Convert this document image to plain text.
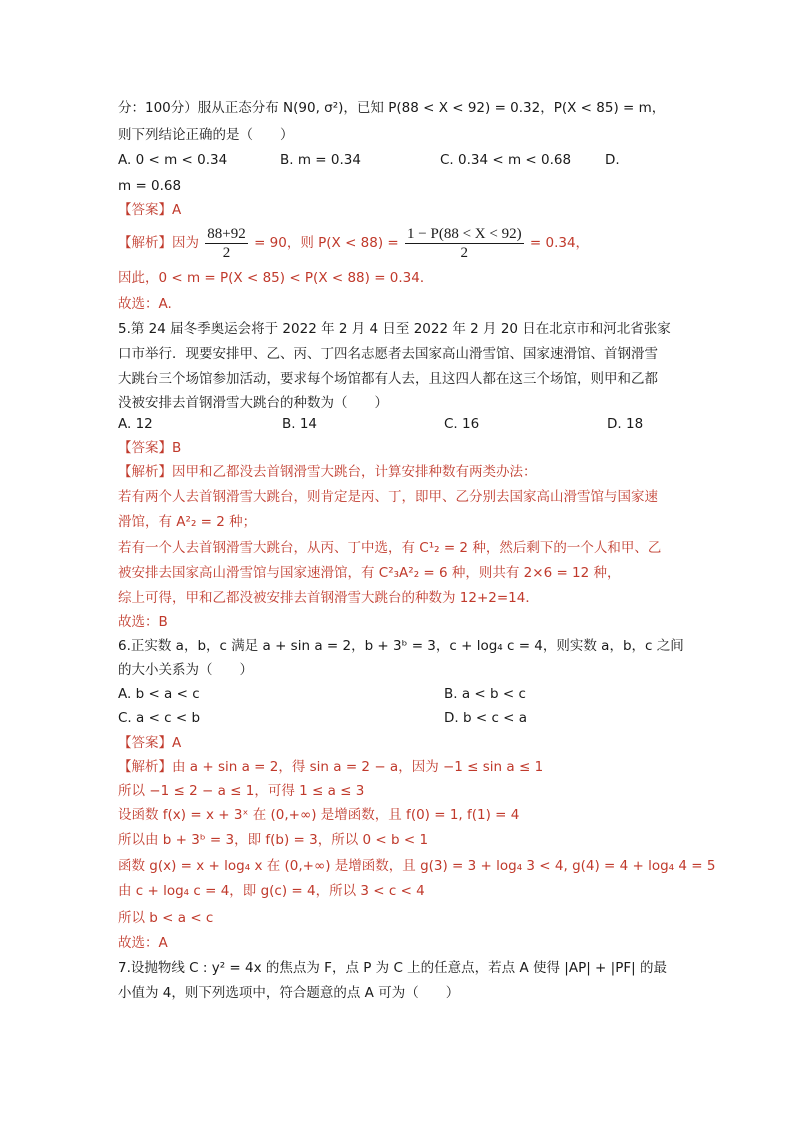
分：100分）服从正态分布 N(90, σ²)，已知 P(88 < X < 92) = 0.32，P(X < 85) = m，
则下列结论正确的是（　　）
A. 0 < m < 0.34	B. m = 0.34	C. 0.34 < m < 0.68	D.
m = 0.68
【答案】A
【解析】因为 $\frac{88+92}{2} = 90$，则 $P(X < 88) = \frac{1 - P(88 < X < 92)}{2} = 0.34$，
因此，0 < m = P(X < 85) < P(X < 88) = 0.34．
故选：A.
5.第 24 届冬季奥运会将于 2022 年 2 月 4 日至 2022 年 2 月 20 日在北京市和河北省张家
口市举行．现要安排甲、乙、丙、丁四名志愿者去国家高山滑雪馆、国家速滑馆、首钢滑雪
大跳台三个场馆参加活动，要求每个场馆都有人去，且这四人都在这三个场馆，则甲和乙都
没被安排去首钢滑雪大跳台的种数为（　　）
A. 12	B. 14	C. 16	D. 18
【答案】B
【解析】因甲和乙都没去首钢滑雪大跳台，计算安排种数有两类办法：
若有两个人去首钢滑雪大跳台，则肯定是丙、丁，即甲、乙分别去国家高山滑雪馆与国家速
滑馆，有 A²₂ = 2 种；
若有一个人去首钢滑雪大跳台，从丙、丁中选，有 C¹₂ = 2 种，然后剩下的一个人和甲、乙
被安排去国家高山滑雪馆与国家速滑馆，有 C²₃A²₂ = 6 种，则共有 2×6 = 12 种，
综上可得，甲和乙都没被安排去首钢滑雪大跳台的种数为 12+2=14．
故选：B
6.正实数 a，b，c 满足 a + sin a = 2，b + 3ᵇ = 3，c + log₄ c = 4，则实数 a，b，c 之间
的大小关系为（　　）
A. b < a < c	B. a < b < c
C. a < c < b	D. b < c < a
【答案】A
【解析】由 a + sin a = 2，得 sin a = 2 − a，因为 −1 ≤ sin a ≤ 1
所以 −1 ≤ 2 − a ≤ 1，可得 1 ≤ a ≤ 3
设函数 f(x) = x + 3ˣ 在 (0,+∞) 是增函数，且 f(0) = 1, f(1) = 4
所以由 b + 3ᵇ = 3，即 f(b) = 3，所以 0 < b < 1
函数 g(x) = x + log₄ x 在 (0,+∞) 是增函数，且 g(3) = 3 + log₄ 3 < 4, g(4) = 4 + log₄ 4 = 5
由 c + log₄ c = 4，即 g(c) = 4，所以 3 < c < 4
所以 b < a < c
故选：A
7.设抛物线 C : y² = 4x 的焦点为 F，点 P 为 C 上的任意点，若点 A 使得 |AP| + |PF| 的最
小值为 4，则下列选项中，符合题意的点 A 可为（　　）
